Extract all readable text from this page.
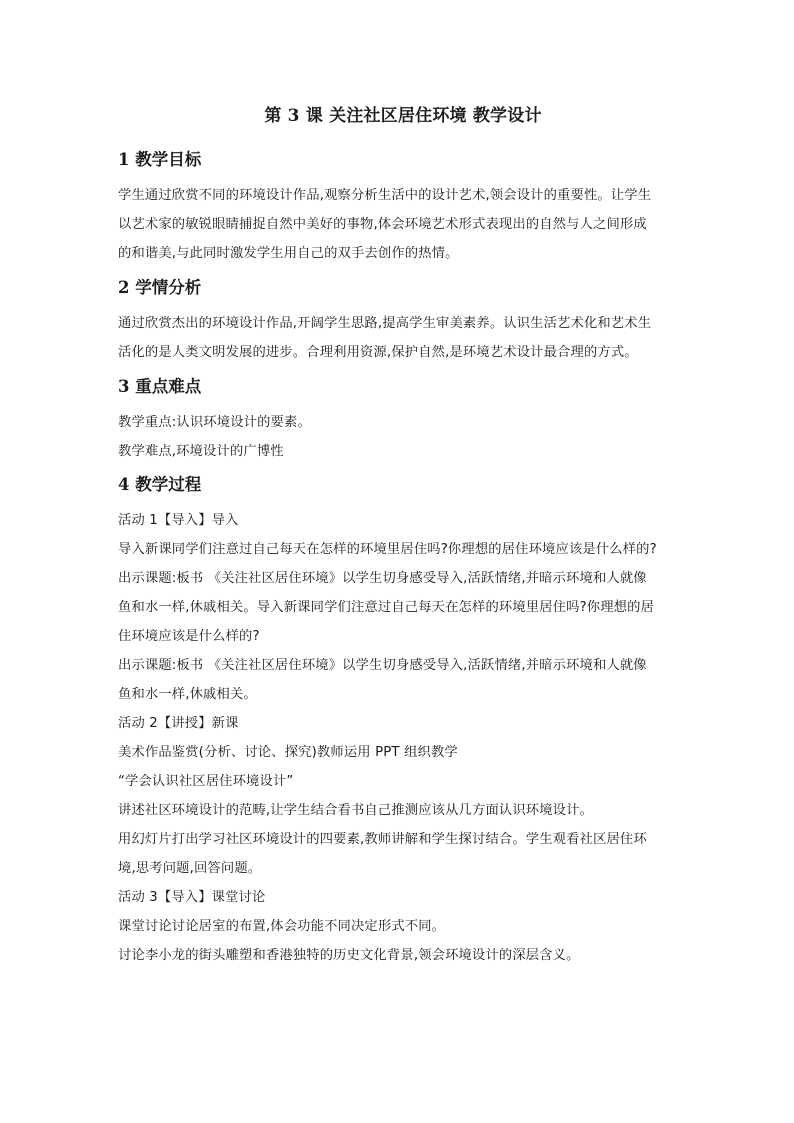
第 3 课 关注社区居住环境 教学设计
1 教学目标

学生通过欣赏不同的环境设计作品,观察分析生活中的设计艺术,领会设计的重要性。让学生

以艺术家的敏锐眼睛捕捉自然中美好的事物,体会环境艺术形式表现出的自然与人之间形成

的和谐美,与此同时激发学生用自己的双手去创作的热情。

2 学情分析

通过欣赏杰出的环境设计作品,开阔学生思路,提高学生审美素养。认识生活艺术化和艺术生

活化的是人类文明发展的进步。合理利用资源,保护自然,是环境艺术设计最合理的方式。

3 重点难点

教学重点:认识环境设计的要素。

教学难点,环境设计的广博性

4 教学过程

活动 1【导入】导入

导入新课同学们注意过自己每天在怎样的环境里居住吗?你理想的居住环境应该是什么样的?

出示课题:板书 《关注社区居住环境》以学生切身感受导入,活跃情绪,并暗示环境和人就像

鱼和水一样,休戚相关。导入新课同学们注意过自己每天在怎样的环境里居住吗?你理想的居

住环境应该是什么样的?

出示课题:板书 《关注社区居住环境》以学生切身感受导入,活跃情绪,并暗示环境和人就像

鱼和水一样,休戚相关。

活动 2【讲授】新课

美术作品鉴赏(分析、讨论、探究)教师运用 PPT 组织教学

“学会认识社区居住环境设计”

讲述社区环境设计的范畴,让学生结合看书自己推测应该从几方面认识环境设计。

用幻灯片打出学习社区环境设计的四要素,教师讲解和学生探讨结合。学生观看社区居住环

境,思考问题,回答问题。

活动 3【导入】课堂讨论

课堂讨论讨论居室的布置,体会功能不同决定形式不同。

讨论李小龙的街头雕塑和香港独特的历史文化背景,领会环境设计的深层含义。
